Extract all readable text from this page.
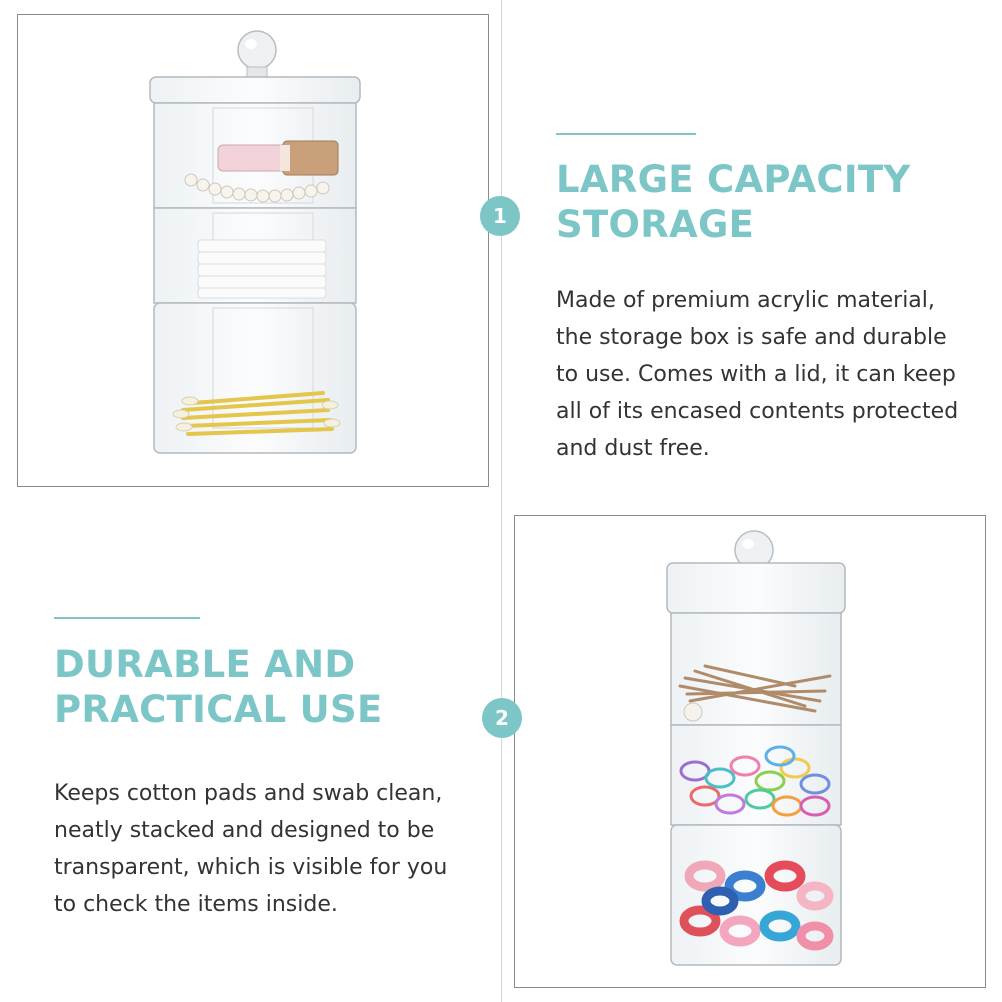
1
2
LARGE CAPACITY
STORAGE

Made of premium acrylic material,
the storage box is safe and durable
to use. Comes with a lid, it can keep
all of its encased contents protected
and dust free.

DURABLE AND
PRACTICAL USE

Keeps cotton pads and swab clean,
neatly stacked and designed to be
transparent, which is visible for you
to check the items inside.
